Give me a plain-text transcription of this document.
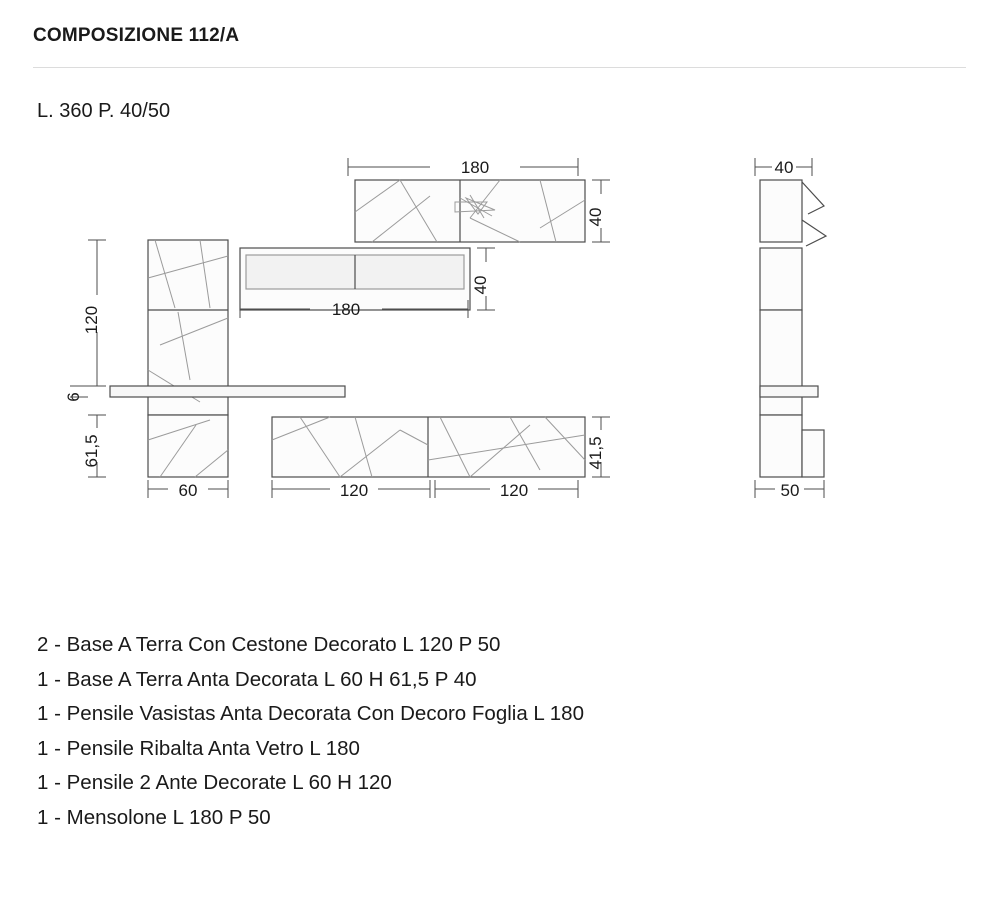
COMPOSIZIONE 112/A
L. 360 P. 40/50
180
40
40
180
120
6
61,5	41,5
60	120	120
40
50
2 - Base A Terra Con Cestone Decorato L 120 P 50
1 - Base A Terra Anta Decorata L 60 H 61,5 P 40
1 - Pensile Vasistas Anta Decorata Con Decoro Foglia L 180
1 - Pensile Ribalta Anta Vetro L 180
1 - Pensile 2 Ante Decorate L 60 H 120
1 - Mensolone L 180 P 50
